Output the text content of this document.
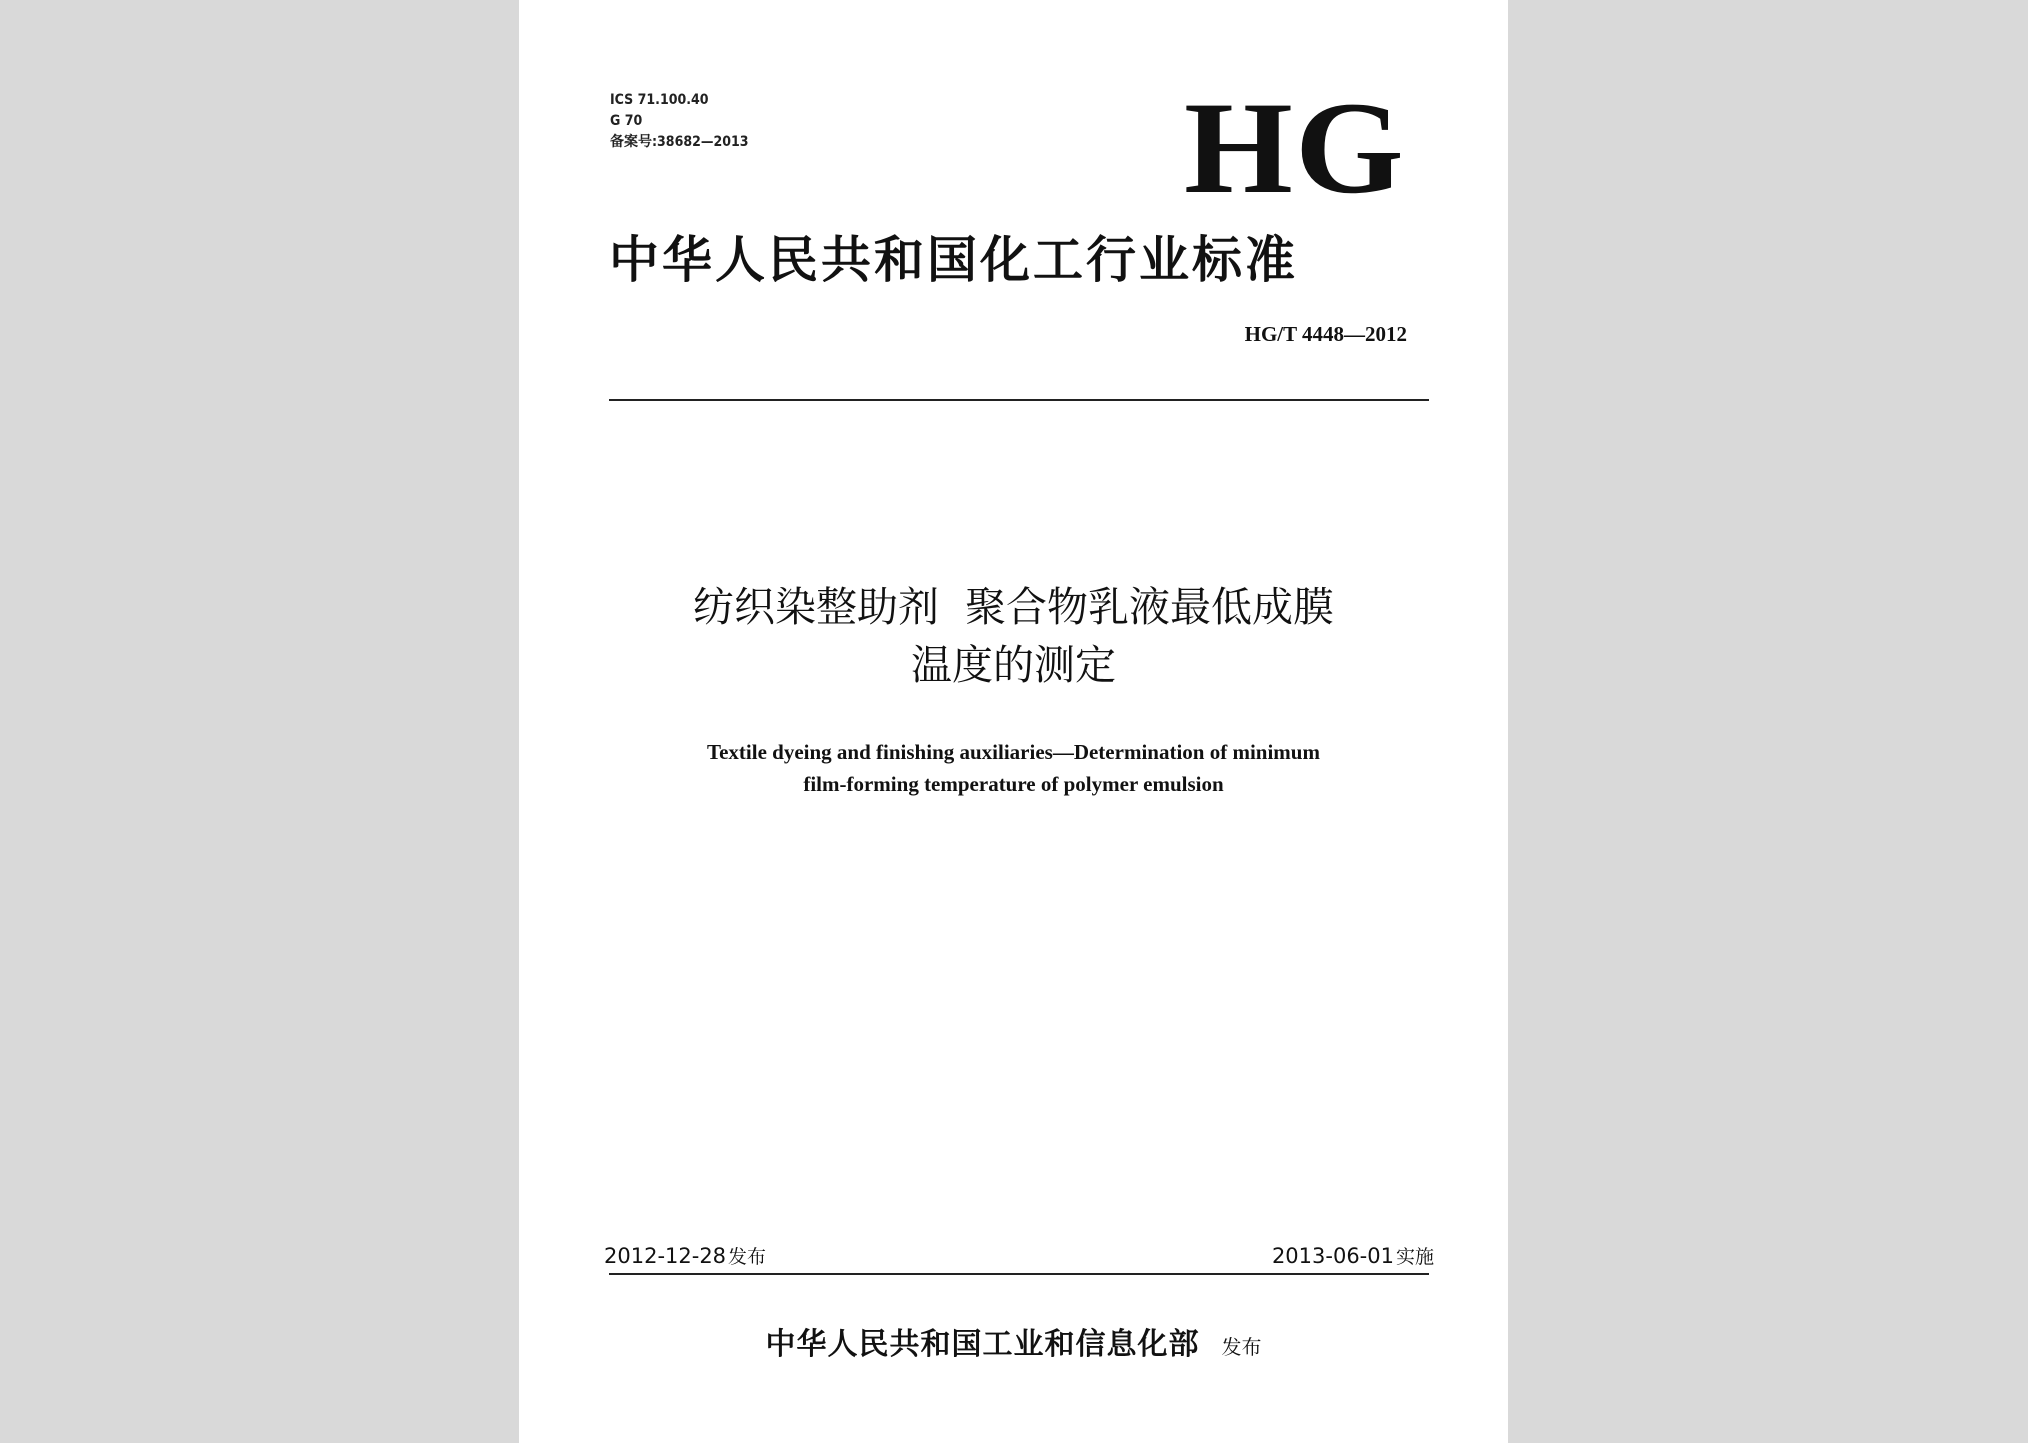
ICS 71.100.40
G 70
备案号:38682—2013	HG
中华人民共和国化工行业标准
HG/T 4448—2012
纺织染整助剂  聚合物乳液最低成膜
温度的测定
Textile dyeing and finishing auxiliaries—Determination of minimum
film-forming temperature of polymer emulsion
2012-12-28 发布	2013-06-01 实施
中华人民共和国工业和信息化部 发布
